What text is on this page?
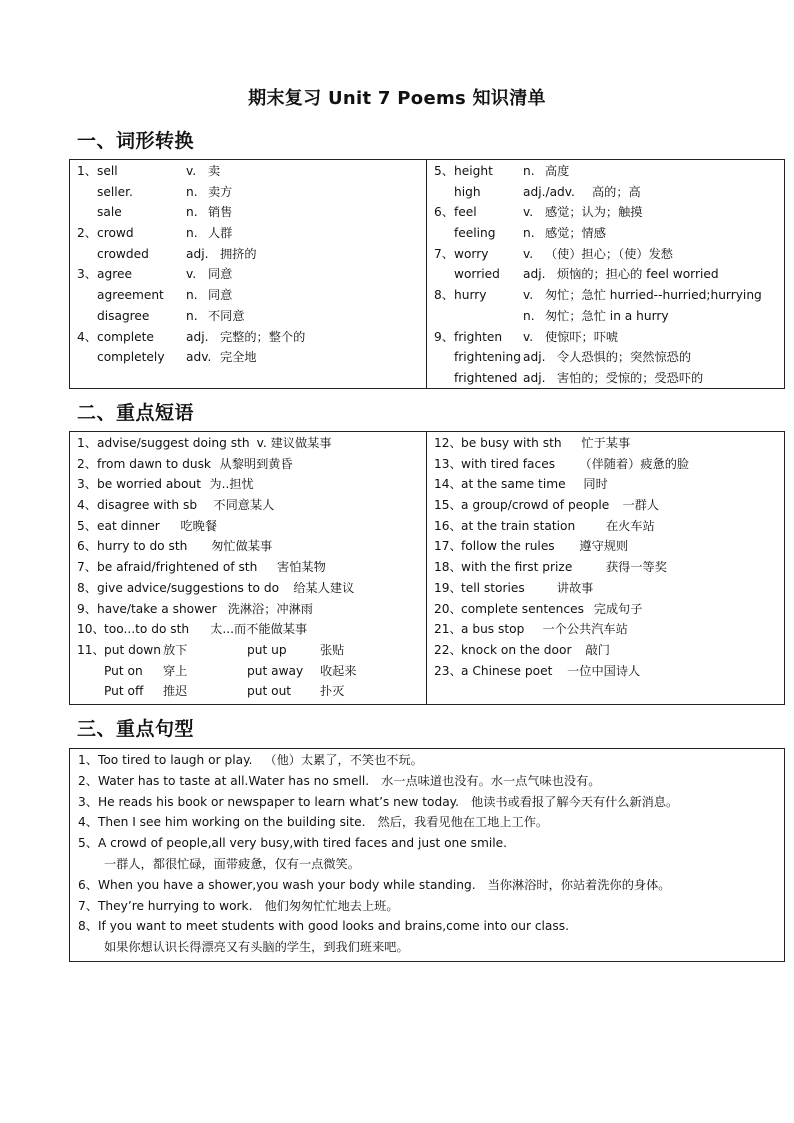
期末复习 Unit 7 Poems 知识清单
一、词形转换
1、 sell	v. 卖
seller.	n. 卖方
sale	n. 销售
2、 crowd	n. 人群
crowded	adj. 拥挤的
3、 agree	v. 同意
agreement n. 同意
disagree	n. 不同意
4、 complete	adj. 完整的；整个的
completely adv. 完全地
5、 height n. 高度
high	adj./adv. 高的；高
6、 feel	v. 感觉；认为；触摸
feeling n. 感觉；情感
7、 worry	v. （使）担心；（使）发愁
worried adj. 烦恼的；担心的 feel worried
8、 hurry	v. 匆忙；急忙 hurried--hurried;hurrying
n. 匆忙；急忙 in a hurry
9、 frighten v. 使惊吓；吓唬
frightening adj. 令人恐惧的；突然惊恐的
frightened adj. 害怕的；受惊的；受恐吓的
二、重点短语
1、 advise/suggest doing sth v. 建议做某事
2、 from dawn to dusk 从黎明到黄昏
3、 be worried about 为..担忧
4、 disagree with sb 不同意某人
5、 eat dinner 吃晚餐
6、 hurry to do sth 匆忙做某事
7、 be afraid/frightened of sth 害怕某物
8、 give advice/suggestions to do 给某人建议
9、 have/take a shower 洗淋浴；冲淋雨
10、 too...to do sth 太...而不能做某事
11、 put down 放下	put up	张贴
Put on 穿上	put away 收起来
Put off 推迟	put out 扑灭
12、 be busy with sth 忙于某事
13、 with tired faces （伴随着）疲惫的脸
14、 at the same time 同时
15、 a group/crowd of people 一群人
16、 at the train station	在火车站
17、 follow the rules 遵守规则
18、 with the first prize	获得一等奖
19、 tell stories	讲故事
20、 complete sentences 完成句子
21、 a bus stop 一个公共汽车站
22、 knock on the door 敲门
23、 a Chinese poet 一位中国诗人
三、重点句型
1、Too tired to laugh or play. （他）太累了，不笑也不玩。
2、Water has to taste at all.Water has no smell. 水一点味道也没有。水一点气味也没有。
3、He reads his book or newspaper to learn what’s new today. 他读书或看报了解今天有什么新消息。
4、Then I see him working on the building site. 然后，我看见他在工地上工作。
5、A crowd of people,all very busy,with tired faces and just one smile.
一群人，都很忙碌，面带疲惫，仅有一点微笑。
6、When you have a shower,you wash your body while standing. 当你淋浴时，你站着洗你的身体。
7、They’re hurrying to work. 他们匆匆忙忙地去上班。
8、If you want to meet students with good looks and brains,come into our class.
如果你想认识长得漂亮又有头脑的学生，到我们班来吧。
